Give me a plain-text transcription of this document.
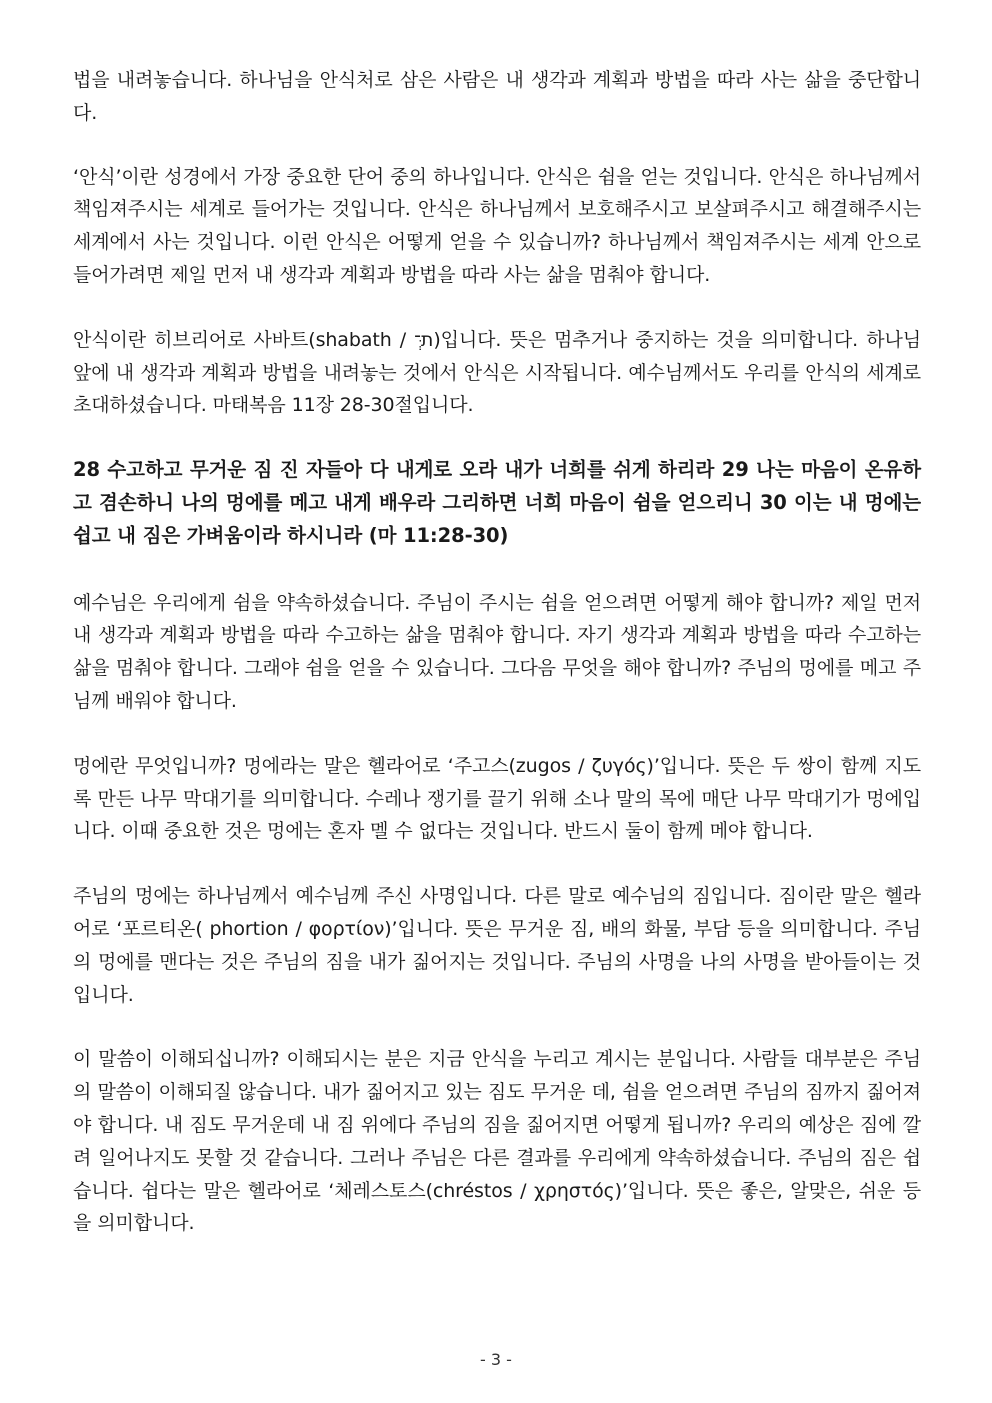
법을 내려놓습니다. 하나님을 안식처로 삼은 사람은 내 생각과 계획과 방법을 따라 사는 삶을 중단합니다.

‘안식’이란 성경에서 가장 중요한 단어 중의 하나입니다. 안식은 쉼을 얻는 것입니다. 안식은 하나님께서 책임져주시는 세계로 들어가는 것입니다. 안식은 하나님께서 보호해주시고 보살펴주시고 해결해주시는 세계에서 사는 것입니다. 이런 안식은 어떻게 얻을 수 있습니까? 하나님께서 책임져주시는 세계 안으로 들어가려면 제일 먼저 내 생각과 계획과 방법을 따라 사는 삶을 멈춰야 합니다.

안식이란 히브리어로 사바트(shabath / ת־ְּ)입니다. 뜻은 멈추거나 중지하는 것을 의미합니다. 하나님 앞에 내 생각과 계획과 방법을 내려놓는 것에서 안식은 시작됩니다. 예수님께서도 우리를 안식의 세계로 초대하셨습니다. 마태복음 11장 28-30절입니다.

28 수고하고 무거운 짐 진 자들아 다 내게로 오라 내가 너희를 쉬게 하리라 29 나는 마음이 온유하고 겸손하니 나의 멍에를 메고 내게 배우라 그리하면 너희 마음이 쉼을 얻으리니 30 이는 내 멍에는 쉽고 내 짐은 가벼움이라 하시니라 (마 11:28-30)

예수님은 우리에게 쉼을 약속하셨습니다. 주님이 주시는 쉼을 얻으려면 어떻게 해야 합니까? 제일 먼저 내 생각과 계획과 방법을 따라 수고하는 삶을 멈춰야 합니다. 자기 생각과 계획과 방법을 따라 수고하는 삶을 멈춰야 합니다. 그래야 쉼을 얻을 수 있습니다. 그다음 무엇을 해야 합니까? 주님의 멍에를 메고 주님께 배워야 합니다.

멍에란 무엇입니까? 멍에라는 말은 헬라어로 ‘주고스(zugos / ζυγός)’입니다. 뜻은 두 쌍이 함께 지도록 만든 나무 막대기를 의미합니다. 수레나 쟁기를 끌기 위해 소나 말의 목에 매단 나무 막대기가 멍에입니다. 이때 중요한 것은 멍에는 혼자 멜 수 없다는 것입니다. 반드시 둘이 함께 메야 합니다.

주님의 멍에는 하나님께서 예수님께 주신 사명입니다. 다른 말로 예수님의 짐입니다. 짐이란 말은 헬라어로 ‘포르티온( phortion / φορτίον)’입니다. 뜻은 무거운 짐, 배의 화물, 부담 등을 의미합니다. 주님의 멍에를 맨다는 것은 주님의 짐을 내가 짊어지는 것입니다. 주님의 사명을 나의 사명을 받아들이는 것입니다.

이 말씀이 이해되십니까? 이해되시는 분은 지금 안식을 누리고 계시는 분입니다. 사람들 대부분은 주님의 말씀이 이해되질 않습니다. 내가 짊어지고 있는 짐도 무거운 데, 쉼을 얻으려면 주님의 짐까지 짊어져야 합니다. 내 짐도 무거운데 내 짐 위에다 주님의 짐을 짊어지면 어떻게 됩니까? 우리의 예상은 짐에 깔려 일어나지도 못할 것 같습니다. 그러나 주님은 다른 결과를 우리에게 약속하셨습니다. 주님의 짐은 쉽습니다. 쉽다는 말은 헬라어로 ‘체레스토스(chréstos / χρηστός)’입니다. 뜻은 좋은, 알맞은, 쉬운 등을 의미합니다.

- 3 -
